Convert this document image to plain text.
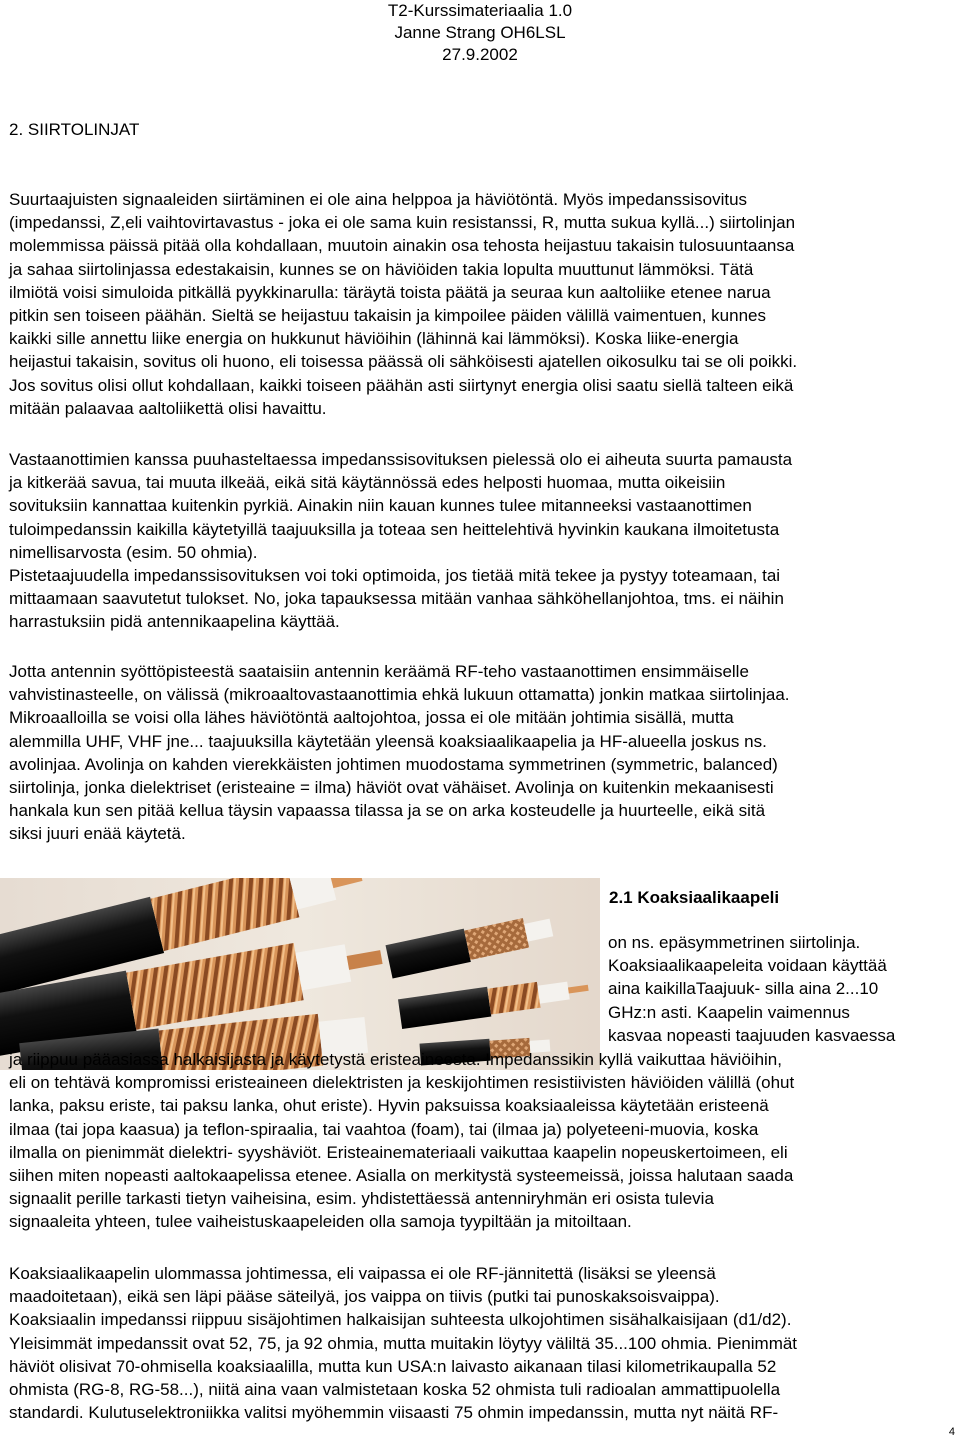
T2-Kurssimateriaalia 1.0
Janne Strang OH6LSL
27.9.2002
2. SIIRTOLINJAT
Suurtaajuisten signaaleiden siirtäminen ei ole aina helppoa ja häviötöntä. Myös impedanssisovitus
(impedanssi, Z,eli vaihtovirtavastus - joka ei ole sama kuin resistanssi, R, mutta sukua kyllä...) siirtolinjan
molemmissa päissä pitää olla kohdallaan, muutoin ainakin osa tehosta heijastuu takaisin tulosuuntaansa
ja sahaa siirtolinjassa edestakaisin, kunnes se on häviöiden takia lopulta muuttunut lämmöksi. Tätä
ilmiötä voisi simuloida pitkällä pyykkinarulla: täräytä toista päätä ja seuraa kun aaltoliike etenee narua
pitkin sen toiseen päähän. Sieltä se heijastuu takaisin ja kimpoilee päiden välillä vaimentuen, kunnes
kaikki sille annettu liike energia on hukkunut häviöihin (lähinnä kai lämmöksi). Koska liike-energia
heijastui takaisin, sovitus oli huono, eli toisessa päässä oli sähköisesti ajatellen oikosulku tai se oli poikki.
Jos sovitus olisi ollut kohdallaan, kaikki toiseen päähän asti siirtynyt energia olisi saatu siellä talteen eikä
mitään palaavaa aaltoliikettä olisi havaittu.
Vastaanottimien kanssa puuhasteltaessa impedanssisovituksen pielessä olo ei aiheuta suurta pamausta
ja kitkerää savua, tai muuta ilkeää, eikä sitä käytännössä edes helposti huomaa, mutta oikeisiin
sovituksiin kannattaa kuitenkin pyrkiä. Ainakin niin kauan kunnes tulee mitanneeksi vastaanottimen
tuloimpedanssin kaikilla käytetyillä taajuuksilla ja toteaa sen heittelehtivä hyvinkin kaukana ilmoitetusta
nimellisarvosta (esim. 50 ohmia).
Pistetaajuudella impedanssisovituksen voi toki optimoida, jos tietää mitä tekee ja pystyy toteamaan, tai
mittaamaan saavutetut tulokset. No, joka tapauksessa mitään vanhaa sähköhellanjohtoa, tms. ei näihin
harrastuksiin pidä antennikaapelina käyttää.
Jotta antennin syöttöpisteestä saataisiin antennin keräämä RF-teho vastaanottimen ensimmäiselle
vahvistinasteelle, on välissä (mikroaaltovastaanottimia ehkä lukuun ottamatta) jonkin matkaa siirtolinjaa.
Mikroaalloilla se voisi olla lähes häviötöntä aaltojohtoa, jossa ei ole mitään johtimia sisällä, mutta
alemmilla UHF, VHF jne... taajuuksilla käytetään yleensä koaksiaalikaapelia ja HF-alueella joskus ns.
avolinjaa. Avolinja on kahden vierekkäisten johtimen muodostama symmetrinen (symmetric, balanced)
siirtolinja, jonka dielektriset (eristeaine = ilma) häviöt ovat vähäiset. Avolinja on kuitenkin mekaanisesti
hankala kun sen pitää kellua täysin vapaassa tilassa ja se on arka kosteudelle ja huurteelle, eikä sitä
siksi juuri enää käytetä.
2.1 Koaksiaalikaapeli
on ns. epäsymmetrinen siirtolinja.
Koaksiaalikaapeleita voidaan käyttää
aina kaikillaTaajuuk- silla aina 2...10
GHz:n asti. Kaapelin vaimennus
kasvaa nopeasti taajuuden kasvaessa
ja riippuu pääasiassa halkaisijasta ja käytetystä eristeaineesta. Impedanssikin kyllä vaikuttaa häviöihin,
eli on tehtävä kompromissi eristeaineen dielektristen ja keskijohtimen resistiivisten häviöiden välillä (ohut
lanka, paksu eriste, tai paksu lanka, ohut eriste). Hyvin paksuissa koaksiaaleissa käytetään eristeenä
ilmaa (tai jopa kaasua) ja teflon-spiraalia, tai vaahtoa (foam), tai (ilmaa ja) polyeteeni-muovia, koska
ilmalla on pienimmät dielektri- syyshäviöt. Eristeainemateriaali vaikuttaa kaapelin nopeuskertoimeen, eli
siihen miten nopeasti aaltokaapelissa etenee. Asialla on merkitystä systeemeissä, joissa halutaan saada
signaalit perille tarkasti tietyn vaiheisina, esim. yhdistettäessä antenniryhmän eri osista tulevia
signaaleita yhteen, tulee vaiheistuskaapeleiden olla samoja tyypiltään ja mitoiltaan.
Koaksiaalikaapelin ulommassa johtimessa, eli vaipassa ei ole RF-jännitettä (lisäksi se yleensä
maadoitetaan), eikä sen läpi pääse säteilyä, jos vaippa on tiivis (putki tai punoskaksoisvaippa).
Koaksiaalin impedanssi riippuu sisäjohtimen halkaisijan suhteesta ulkojohtimen sisähalkaisijaan (d1/d2).
Yleisimmät impedanssit ovat 52, 75, ja 92 ohmia, mutta muitakin löytyy väliltä 35...100 ohmia. Pienimmät
häviöt olisivat 70-ohmisella koaksiaalilla, mutta kun USA:n laivasto aikanaan tilasi kilometrikaupalla 52
ohmista (RG-8, RG-58...), niitä aina vaan valmistetaan koska 52 ohmista tuli radioalan ammattipuolella
standardi. Kulutuselektroniikka valitsi myöhemmin viisaasti 75 ohmin impedanssin, mutta nyt näitä RF-
4
